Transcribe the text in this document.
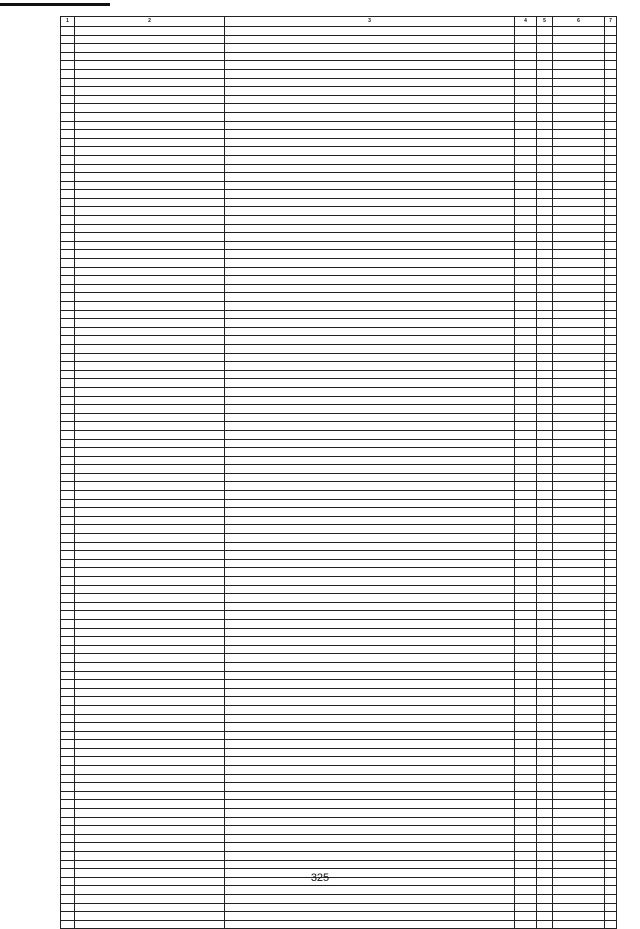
1	2	3	4	5	6	7

325
